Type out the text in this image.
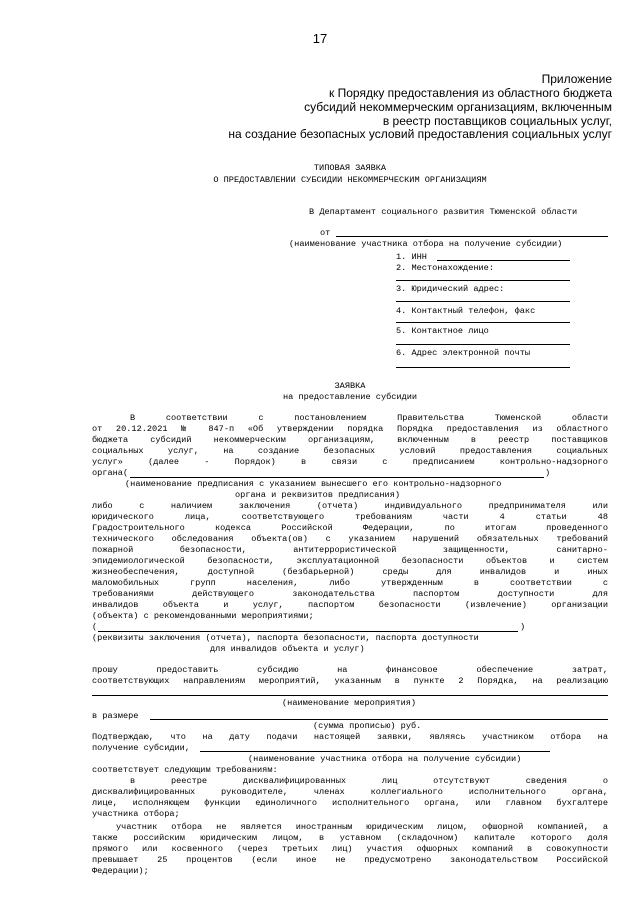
17
Приложение
к Порядку предоставления из областного бюджета
субсидий некоммерческим организациям, включенным
в реестр поставщиков социальных услуг,
на создание безопасных условий предоставления социальных услуг
ТИПОВАЯ ЗАЯВКА
О ПРЕДОСТАВЛЕНИИ СУБСИДИИ НЕКОММЕРЧЕСКИМ ОРГАНИЗАЦИЯМ
В Департамент социального развития Тюменской области
от
(наименование участника отбора на получение субсидии)
1. ИНН
2. Местонахождение:
3. Юридический адрес:
4. Контактный телефон, факс
5. Контактное лицо
6. Адрес электронной почты
ЗАЯВКА
на предоставление субсидии
В соответствии с постановлением Правительства Тюменской области
от 20.12.2021 № 847-п «Об утверждении порядка Порядка предоставления из областного
бюджета субсидий некоммерческим организациям, включенным в реестр поставщиков
социальных услуг, на создание безопасных условий предоставления социальных
услуг» (далее - Порядок) в связи с предписанием контрольно-надзорного
органа(	)
(наименование предписания с указанием вынесшего его контрольно-надзорного
органа и реквизитов предписания)
либо с наличием заключения (отчета) индивидуального предпринимателя или
юридического лица, соответствующего требованиям части 4 статьи 48
Градостроительного кодекса Российской Федерации, по итогам проведенного
технического обследования объекта(ов) с указанием нарушений обязательных требований
пожарной безопасности, антитеррористической защищенности, санитарно-
эпидемиологической безопасности, эксплуатационной безопасности объектов и систем
жизнеобеспечения, доступной (безбарьерной) среды для инвалидов и иных
маломобильных групп населения, либо утвержденным в соответствии с
требованиями действующего законодательства паспортом доступности для
инвалидов объекта и услуг, паспортом безопасности (извлечение) организации
(объекта) с рекомендованными мероприятиями;
(	)
(реквизиты заключения (отчета), паспорта безопасности, паспорта доступности
для инвалидов объекта и услуг)
прошу предоставить субсидию на финансовое обеспечение затрат,
соответствующих направлениям мероприятий, указанным в пункте 2 Порядка, на реализацию
(наименование мероприятия)
в размере
(сумма прописью) руб.
Подтверждаю, что на дату подачи настоящей заявки, являясь участником отбора на
получение субсидии,
(наименование участника отбора на получение субсидии)
соответствует следующим требованиям:
в реестре дисквалифицированных лиц отсутствуют сведения о
дисквалифицированных руководителе, членах коллегиального исполнительного органа,
лице, исполняющем функции единоличного исполнительного органа, или главном бухгалтере
участника отбора;
участник отбора не является иностранным юридическим лицом, офшорной компанией, а
также российским юридическим лицом, в уставном (складочном) капитале которого доля
прямого или косвенного (через третьих лиц) участия офшорных компаний в совокупности
превышает 25 процентов (если иное не предусмотрено законодательством Российской
Федерации);
